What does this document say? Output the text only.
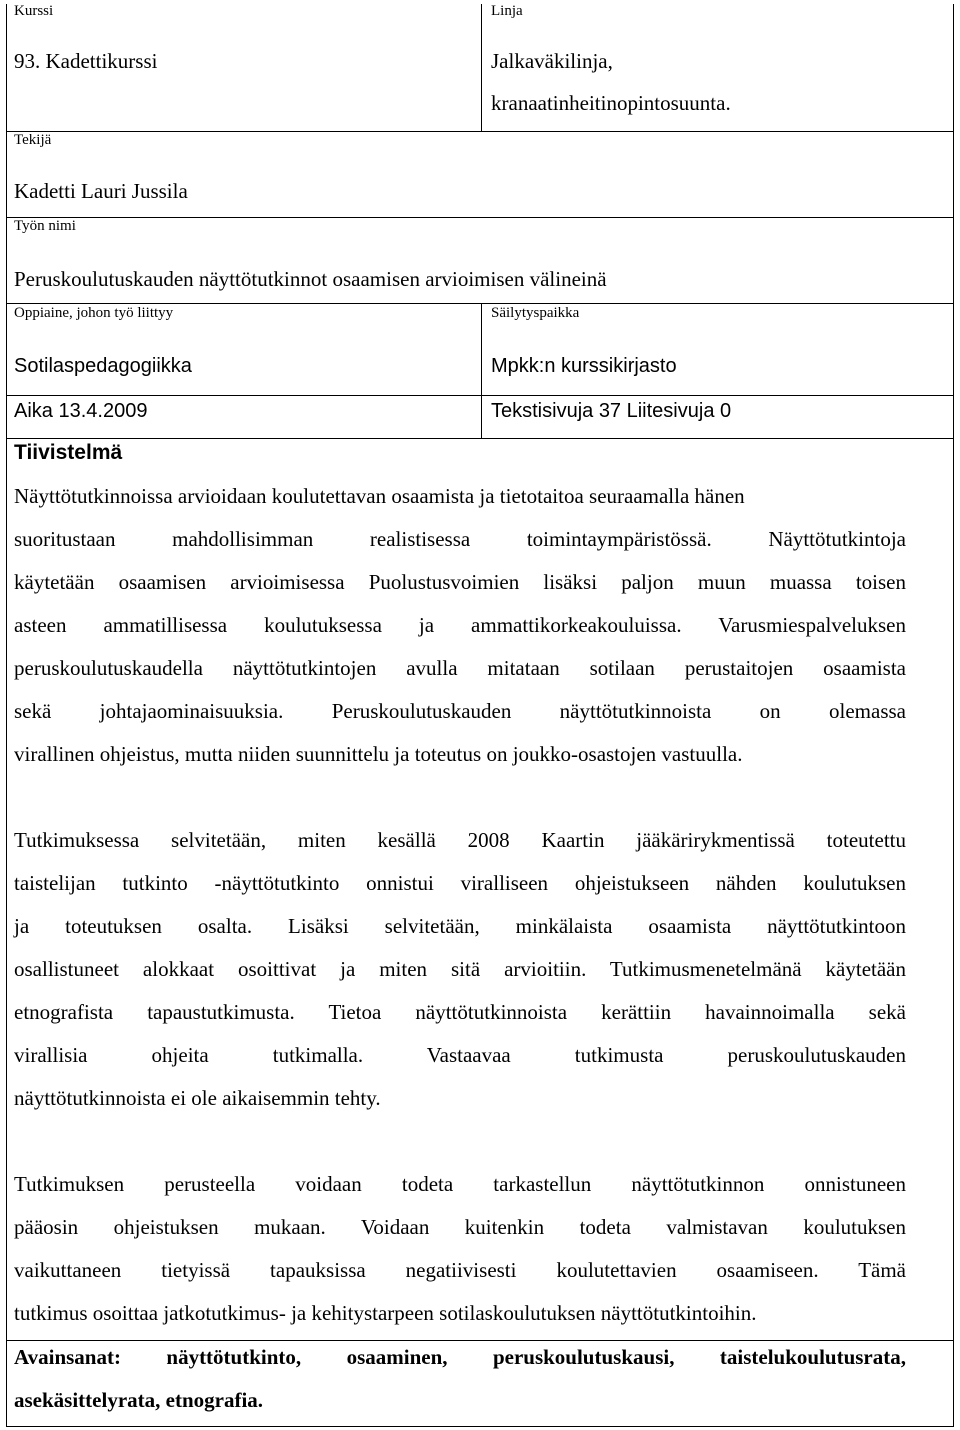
Kurssi
93. Kadettikurssi
Linja
Jalkaväkilinja,
kranaatinheitinopintosuunta.
Tekijä
Kadetti Lauri Jussila
Työn nimi
Peruskoulutuskauden näyttötutkinnot osaamisen arvioimisen välineinä
Oppiaine, johon työ liittyy
Sotilaspedagogiikka
Säilytyspaikka
Mpkk:n kurssikirjasto
Aika 13.4.2009	Tekstisivuja 37 Liitesivuja 0
Tiivistelmä
Näyttötutkinnoissa arvioidaan koulutettavan osaamista ja tietotaitoa seuraamalla hänen
suoritustaan mahdollisimman realistisessa toimintaympäristössä. Näyttötutkintoja
käytetään osaamisen arvioimisessa Puolustusvoimien lisäksi paljon muun muassa toisen
asteen ammatillisessa koulutuksessa ja ammattikorkeakouluissa. Varusmiespalveluksen
peruskoulutuskaudella näyttötutkintojen avulla mitataan sotilaan perustaitojen osaamista
sekä johtajaominaisuuksia. Peruskoulutuskauden näyttötutkinnoista on olemassa
virallinen ohjeistus, mutta niiden suunnittelu ja toteutus on joukko-osastojen vastuulla.
Tutkimuksessa selvitetään, miten kesällä 2008 Kaartin jääkärirykmentissä toteutettu
taistelijan tutkinto -näyttötutkinto onnistui viralliseen ohjeistukseen nähden koulutuksen
ja toteutuksen osalta. Lisäksi selvitetään, minkälaista osaamista näyttötutkintoon
osallistuneet alokkaat osoittivat ja miten sitä arvioitiin. Tutkimusmenetelmänä käytetään
etnografista tapaustutkimusta. Tietoa näyttötutkinnoista kerättiin havainnoimalla sekä
virallisia ohjeita tutkimalla. Vastaavaa tutkimusta peruskoulutuskauden
näyttötutkinnoista ei ole aikaisemmin tehty.
Tutkimuksen perusteella voidaan todeta tarkastellun näyttötutkinnon onnistuneen
pääosin ohjeistuksen mukaan. Voidaan kuitenkin todeta valmistavan koulutuksen
vaikuttaneen tietyissä tapauksissa negatiivisesti koulutettavien osaamiseen. Tämä
tutkimus osoittaa jatkotutkimus- ja kehitystarpeen sotilaskoulutuksen näyttötutkintoihin.
Avainsanat: näyttötutkinto, osaaminen, peruskoulutuskausi, taistelukoulutusrata,
asekäsittelyrata, etnografia.
